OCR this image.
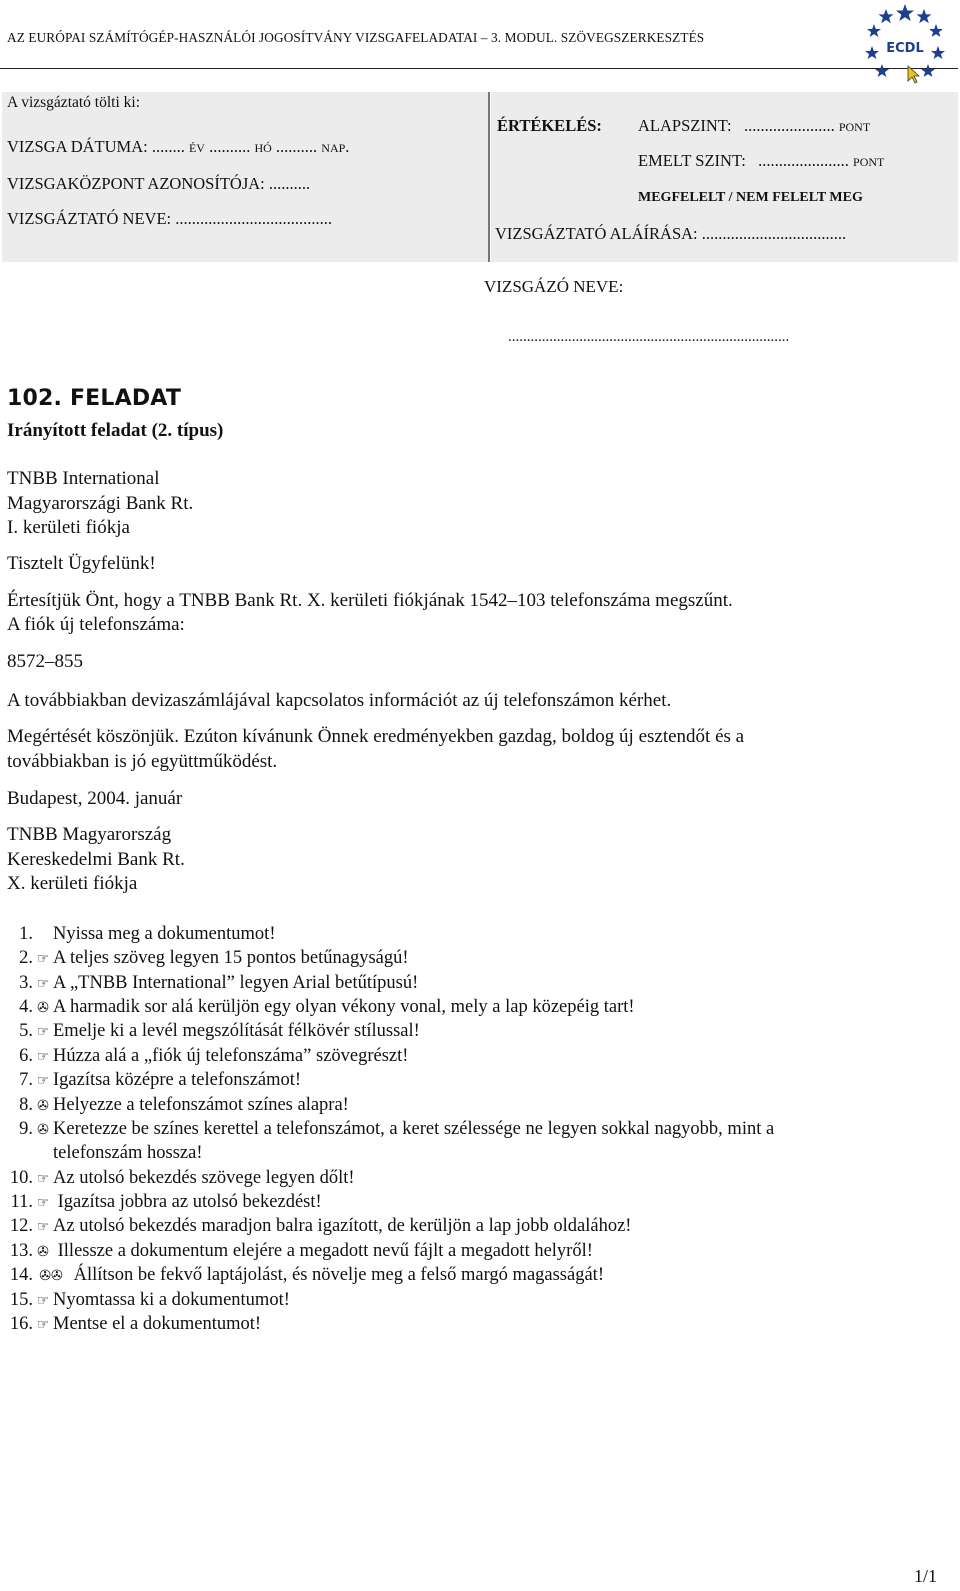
AZ EURÓPAI SZÁMÍTÓGÉP-HASZNÁLÓI JOGOSÍTVÁNY VIZSGAFELADATAI – 3. MODUL. SZÖVEGSZERKESZTÉS
ECDL
A vizsgáztató tölti ki:
VIZSGA DÁTUMA: ........ év .......... hó .......... nap.
VIZSGAKÖZPONT AZONOSÍTÓJA: ..........
VIZSGÁZTATÓ NEVE: ......................................
ÉRTÉKELÉS: ALAPSZINT:   ...................... pont
EMELT SZINT:   ...................... pont
MEGFELELT / NEM FELELT MEG
VIZSGÁZTATÓ ALÁÍRÁSA: ...................................
VIZSGÁZÓ NEVE:
...........................................................................
102. FELADAT
Irányított feladat (2. típus)
TNBB International
Magyarországi Bank Rt.
I. kerületi fiókja
Tisztelt Ügyfelünk!
Értesítjük Önt, hogy a TNBB Bank Rt. X. kerületi fiókjának 1542–103 telefonszáma megszűnt.
A fiók új telefonszáma:
8572–855
A továbbiakban devizaszámlájával kapcsolatos információt az új telefonszámon kérhet.
Megértését köszönjük. Ezúton kívánunk Önnek eredményekben gazdag, boldog új esztendőt és a
továbbiakban is jó együttműködést.
Budapest, 2004. január
TNBB Magyarország
Kereskedelmi Bank Rt.
X. kerületi fiókja
1. Nyissa meg a dokumentumot!
2. ☞ A teljes szöveg legyen 15 pontos betűnagyságú!
3. ☞ A „TNBB International” legyen Arial betűtípusú!
4. ✇ A harmadik sor alá kerüljön egy olyan vékony vonal, mely a lap közepéig tart!
5. ☞ Emelje ki a levél megszólítását félkövér stílussal!
6. ☞ Húzza alá a „fiók új telefonszáma” szövegrészt!
7. ☞ Igazítsa középre a telefonszámot!
8. ✇ Helyezze a telefonszámot színes alapra!
9. ✇ Keretezze be színes kerettel a telefonszámot, a keret szélessége ne legyen sokkal nagyobb, mint a
telefonszám hossza!
10. ☞ Az utolsó bekezdés szövege legyen dőlt!
11. ☞ Igazítsa jobbra az utolsó bekezdést!
12. ☞ Az utolsó bekezdés maradjon balra igazított, de kerüljön a lap jobb oldalához!
13. ✇ Illessze a dokumentum elejére a megadott nevű fájlt a megadott helyről!
14. ✇✇ Állítson be fekvő laptájolást, és növelje meg a felső margó magasságát!
15. ☞ Nyomtassa ki a dokumentumot!
16. ☞ Mentse el a dokumentumot!
1/1
